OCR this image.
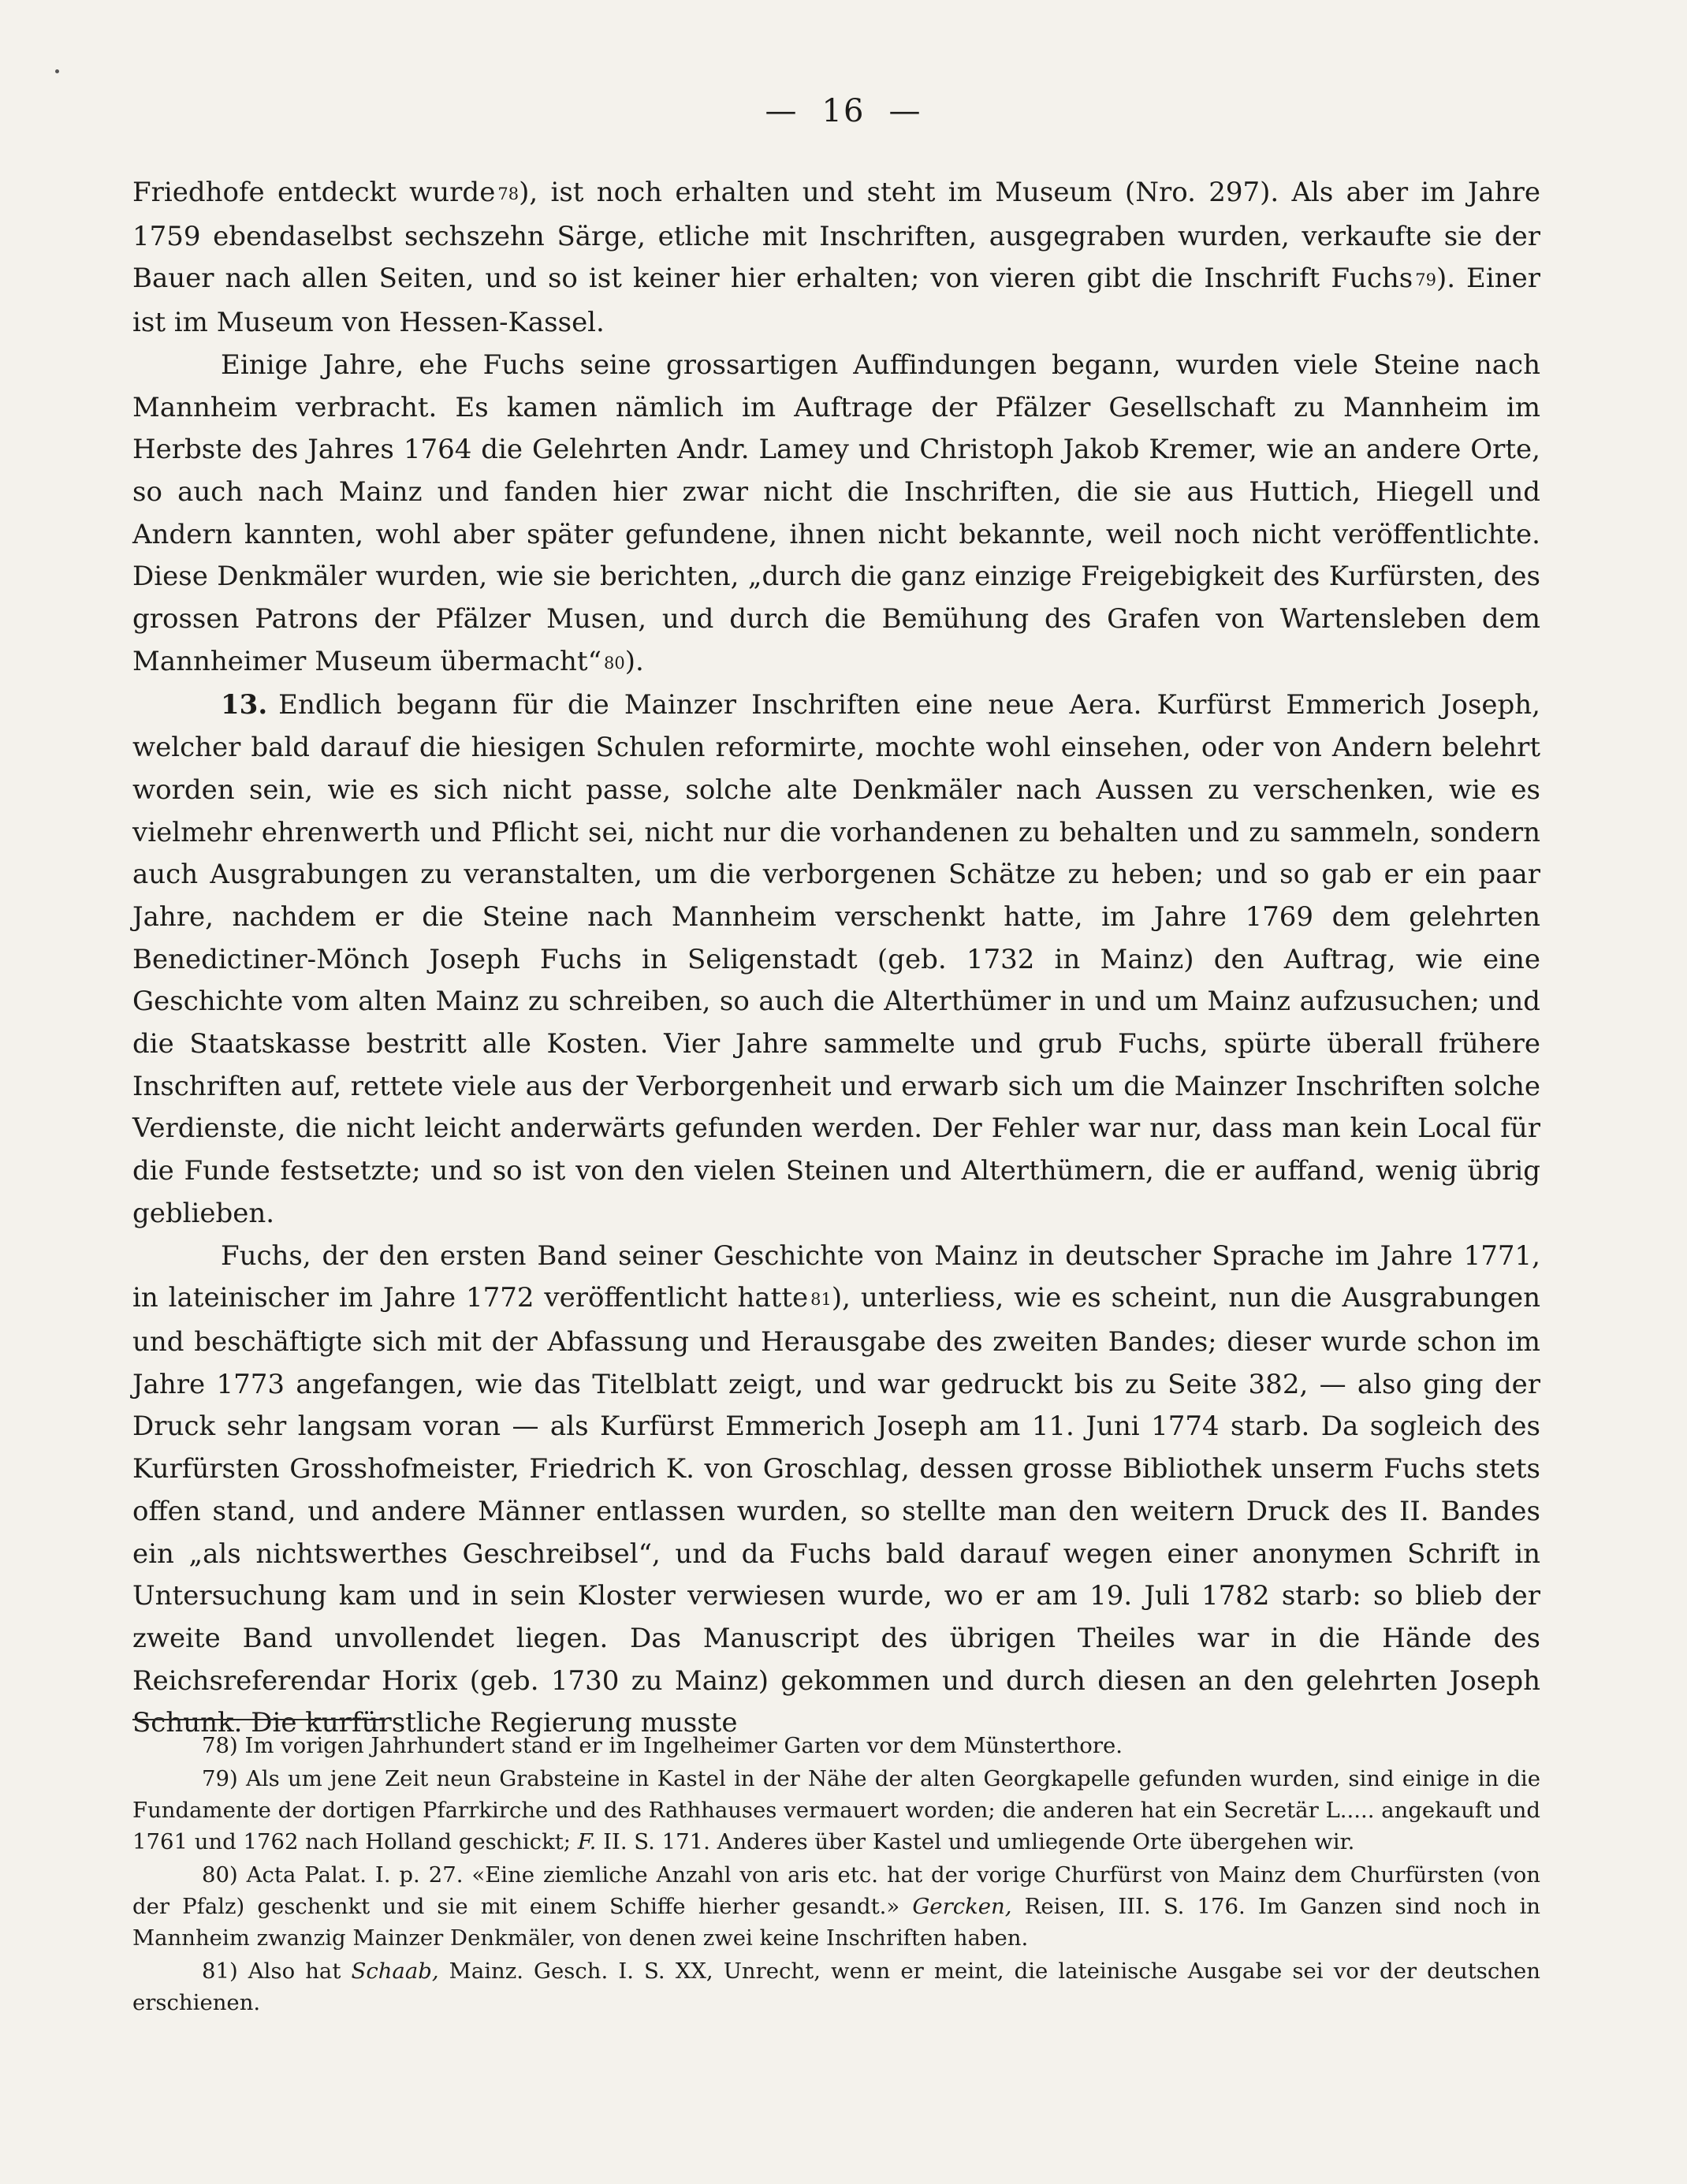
— 16 —

Friedhofe entdeckt wurde 78), ist noch erhalten und steht im Museum (Nro. 297). Als aber im Jahre 1759 ebendaselbst sechszehn Särge, etliche mit Inschriften, ausgegraben wurden, verkaufte sie der Bauer nach allen Seiten, und so ist keiner hier erhalten; von vieren gibt die Inschrift Fuchs 79). Einer ist im Museum von Hessen-Kassel.

Einige Jahre, ehe Fuchs seine grossartigen Auffindungen begann, wurden viele Steine nach Mannheim verbracht. Es kamen nämlich im Auftrage der Pfälzer Gesellschaft zu Mannheim im Herbste des Jahres 1764 die Gelehrten Andr. Lamey und Christoph Jakob Kremer, wie an andere Orte, so auch nach Mainz und fanden hier zwar nicht die Inschriften, die sie aus Huttich, Hiegell und Andern kannten, wohl aber später gefundene, ihnen nicht bekannte, weil noch nicht veröffentlichte. Diese Denkmäler wurden, wie sie berichten, „durch die ganz einzige Freigebigkeit des Kurfürsten, des grossen Patrons der Pfälzer Musen, und durch die Bemühung des Grafen von Wartensleben dem Mannheimer Museum übermacht“ 80).

13. Endlich begann für die Mainzer Inschriften eine neue Aera. Kurfürst Emmerich Joseph, welcher bald darauf die hiesigen Schulen reformirte, mochte wohl einsehen, oder von Andern belehrt worden sein, wie es sich nicht passe, solche alte Denkmäler nach Aussen zu verschenken, wie es vielmehr ehrenwerth und Pflicht sei, nicht nur die vorhandenen zu behalten und zu sammeln, sondern auch Ausgrabungen zu veranstalten, um die verborgenen Schätze zu heben; und so gab er ein paar Jahre, nachdem er die Steine nach Mannheim verschenkt hatte, im Jahre 1769 dem gelehrten Benedictiner-Mönch Joseph Fuchs in Seligenstadt (geb. 1732 in Mainz) den Auftrag, wie eine Geschichte vom alten Mainz zu schreiben, so auch die Alterthümer in und um Mainz aufzusuchen; und die Staatskasse bestritt alle Kosten. Vier Jahre sammelte und grub Fuchs, spürte überall frühere Inschriften auf, rettete viele aus der Verborgenheit und erwarb sich um die Mainzer Inschriften solche Verdienste, die nicht leicht anderwärts gefunden werden. Der Fehler war nur, dass man kein Local für die Funde festsetzte; und so ist von den vielen Steinen und Alterthümern, die er auffand, wenig übrig geblieben.

Fuchs, der den ersten Band seiner Geschichte von Mainz in deutscher Sprache im Jahre 1771, in lateinischer im Jahre 1772 veröffentlicht hatte 81), unterliess, wie es scheint, nun die Ausgrabungen und beschäftigte sich mit der Abfassung und Herausgabe des zweiten Bandes; dieser wurde schon im Jahre 1773 angefangen, wie das Titelblatt zeigt, und war gedruckt bis zu Seite 382, — also ging der Druck sehr langsam voran — als Kurfürst Emmerich Joseph am 11. Juni 1774 starb. Da sogleich des Kurfürsten Grosshofmeister, Friedrich K. von Groschlag, dessen grosse Bibliothek unserm Fuchs stets offen stand, und andere Männer entlassen wurden, so stellte man den weitern Druck des II. Bandes ein „als nichtswerthes Geschreibsel“, und da Fuchs bald darauf wegen einer anonymen Schrift in Untersuchung kam und in sein Kloster verwiesen wurde, wo er am 19. Juli 1782 starb: so blieb der zweite Band unvollendet liegen. Das Manuscript des übrigen Theiles war in die Hände des Reichsreferendar Horix (geb. 1730 zu Mainz) gekommen und durch diesen an den gelehrten Joseph Schunk. Die kurfürstliche Regierung musste

78) Im vorigen Jahrhundert stand er im Ingelheimer Garten vor dem Münsterthore.

79) Als um jene Zeit neun Grabsteine in Kastel in der Nähe der alten Georgkapelle gefunden wurden, sind einige in die Fundamente der dortigen Pfarrkirche und des Rathhauses vermauert worden; die anderen hat ein Secretär L..... angekauft und 1761 und 1762 nach Holland geschickt; F. II. S. 171. Anderes über Kastel und umliegende Orte übergehen wir.

80) Acta Palat. I. p. 27. «Eine ziemliche Anzahl von aris etc. hat der vorige Churfürst von Mainz dem Churfürsten (von der Pfalz) geschenkt und sie mit einem Schiffe hierher gesandt.» Gercken, Reisen, III. S. 176. Im Ganzen sind noch in Mannheim zwanzig Mainzer Denkmäler, von denen zwei keine Inschriften haben.

81) Also hat Schaab, Mainz. Gesch. I. S. XX, Unrecht, wenn er meint, die lateinische Ausgabe sei vor der deutschen erschienen.
